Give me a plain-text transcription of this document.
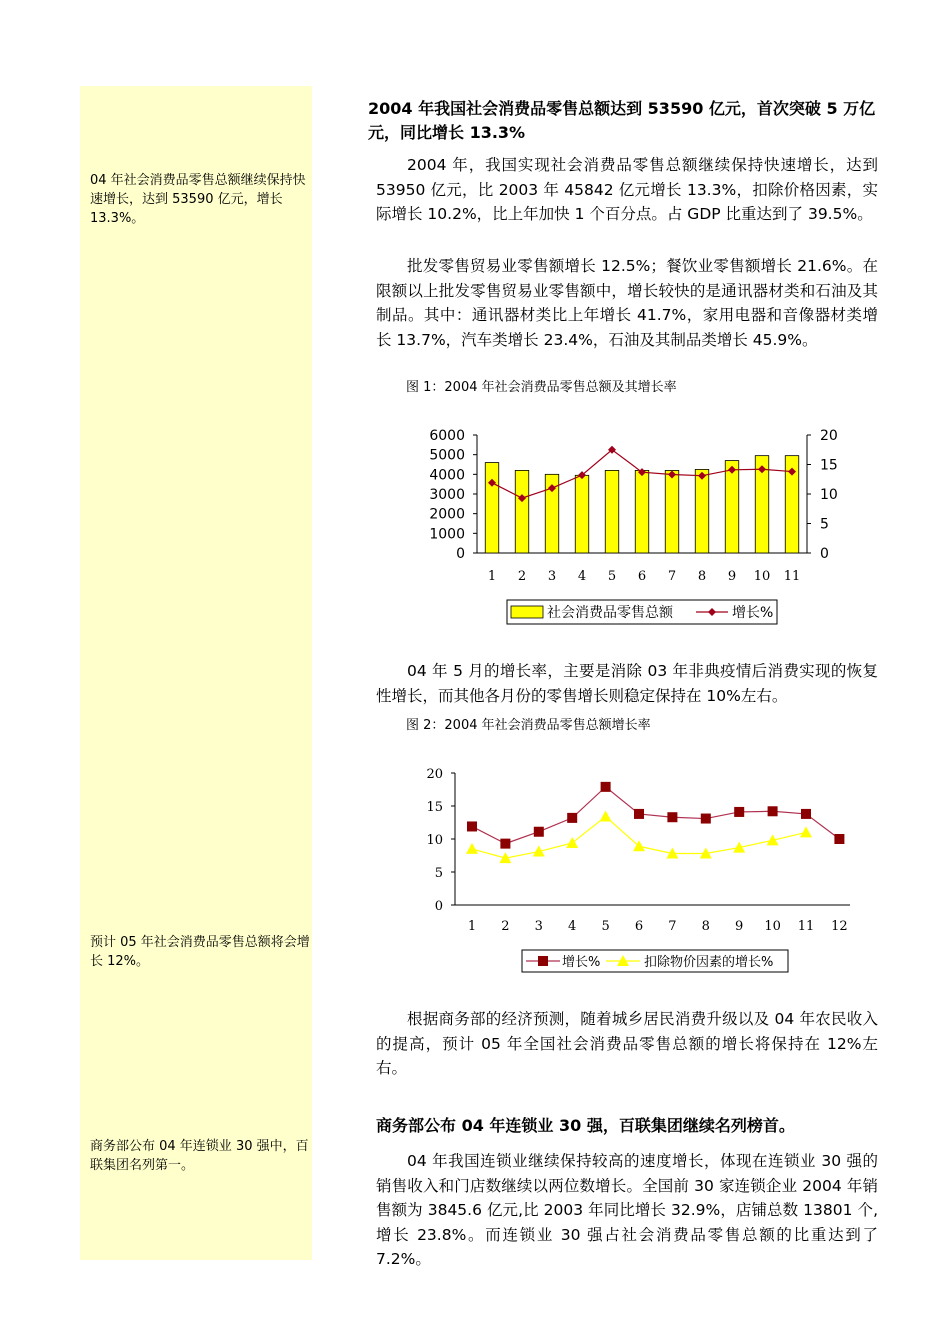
04 年社会消费品零售总额继续保持快速增长，达到 53590 亿元，增长 13.3%。
预计 05 年社会消费品零售总额将会增长 12%。
商务部公布 04 年连锁业 30 强中，百联集团名列第一。
2004 年我国社会消费品零售总额达到 53590 亿元，首次突破 5 万亿元，同比增长 13.3%
2004 年，我国实现社会消费品零售总额继续保持快速增长，达到 53950 亿元，比 2003 年 45842 亿元增长 13.3%，扣除价格因素，实际增长 10.2%，比上年加快 1 个百分点。占 GDP 比重达到了 39.5%。
批发零售贸易业零售额增长 12.5%；餐饮业零售额增长 21.6%。在限额以上批发零售贸易业零售额中，增长较快的是通讯器材类和石油及其制品。其中：通讯器材类比上年增长 41.7%，家用电器和音像器材类增长 13.7%，汽车类增长 23.4%，石油及其制品类增长 45.9%。
图 1：2004 年社会消费品零售总额及其增长率
6000
5000
4000
3000
2000
1000
0
20
15
10
5
0
1 2 3 4 5 6 7 8 9 10 11
社会消费品零售总额	增长%
04 年 5 月的增长率，主要是消除 03 年非典疫情后消费实现的恢复性增长，而其他各月份的零售增长则稳定保持在 10%左右。
图 2：2004 年社会消费品零售总额增长率
20
15
10
5
0
1 2 3 4 5 6 7 8 9 10 11 12
增长%	扣除物价因素的增长%
根据商务部的经济预测，随着城乡居民消费升级以及 04 年农民收入的提高，预计 05 年全国社会消费品零售总额的增长将保持在 12%左右。
商务部公布 04 年连锁业 30 强，百联集团继续名列榜首。
04 年我国连锁业继续保持较高的速度增长，体现在连锁业 30 强的销售收入和门店数继续以两位数增长。全国前 30 家连锁企业 2004 年销售额为 3845.6 亿元,比 2003 年同比增长 32.9%，店铺总数 13801 个,增长 23.8%。而连锁业 30 强占社会消费品零售总额的比重达到了 7.2%。
